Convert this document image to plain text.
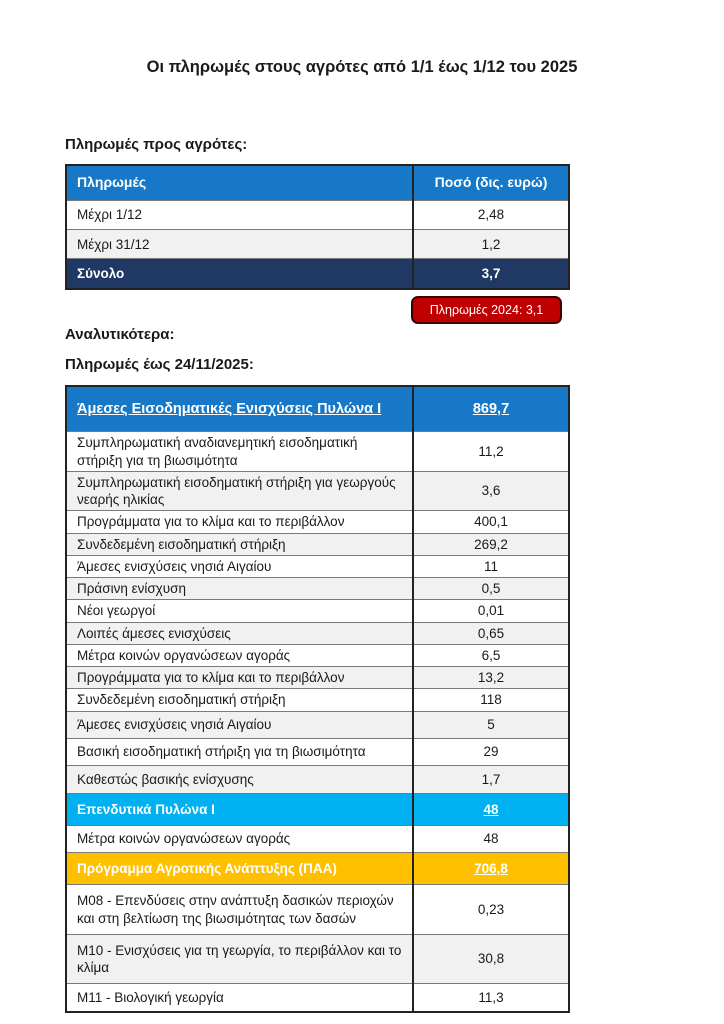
Οι πληρωμές στους αγρότες από 1/1 έως 1/12 του 2025
Πληρωμές προς αγρότες:
Πληρωμές	Ποσό (δις. ευρώ)
Μέχρι 1/12	2,48
Μέχρι 31/12	1,2
Σύνολο	3,7
Πληρωμές 2024: 3,1
Αναλυτικότερα:
Πληρωμές έως 24/11/2025:
Άμεσες Εισοδηματικές Ενισχύσεις Πυλώνα Ι	869,7
Συμπληρωματική αναδιανεμητική εισοδηματική στήριξη για τη βιωσιμότητα	11,2
Συμπληρωματική εισοδηματική στήριξη για γεωργούς νεαρής ηλικίας	3,6
Προγράμματα για το κλίμα και το περιβάλλον	400,1
Συνδεδεμένη εισοδηματική στήριξη	269,2
Άμεσες ενισχύσεις νησιά Αιγαίου	11
Πράσινη ενίσχυση	0,5
Νέοι γεωργοί	0,01
Λοιπές άμεσες ενισχύσεις	0,65
Μέτρα κοινών οργανώσεων αγοράς	6,5
Προγράμματα για το κλίμα και το περιβάλλον	13,2
Συνδεδεμένη εισοδηματική στήριξη	118
Άμεσες ενισχύσεις νησιά Αιγαίου	5
Βασική εισοδηματική στήριξη για τη βιωσιμότητα	29
Καθεστώς βασικής ενίσχυσης	1,7
Επενδυτικά Πυλώνα Ι	48
Μέτρα κοινών οργανώσεων αγοράς	48
Πρόγραμμα Αγροτικής Ανάπτυξης (ΠΑΑ)	706,8
M08 - Επενδύσεις στην ανάπτυξη δασικών περιοχών και στη βελτίωση της βιωσιμότητας των δασών	0,23
M10 - Ενισχύσεις για τη γεωργία, το περιβάλλον και το κλίμα	30,8
M11 - Βιολογική γεωργία	11,3
